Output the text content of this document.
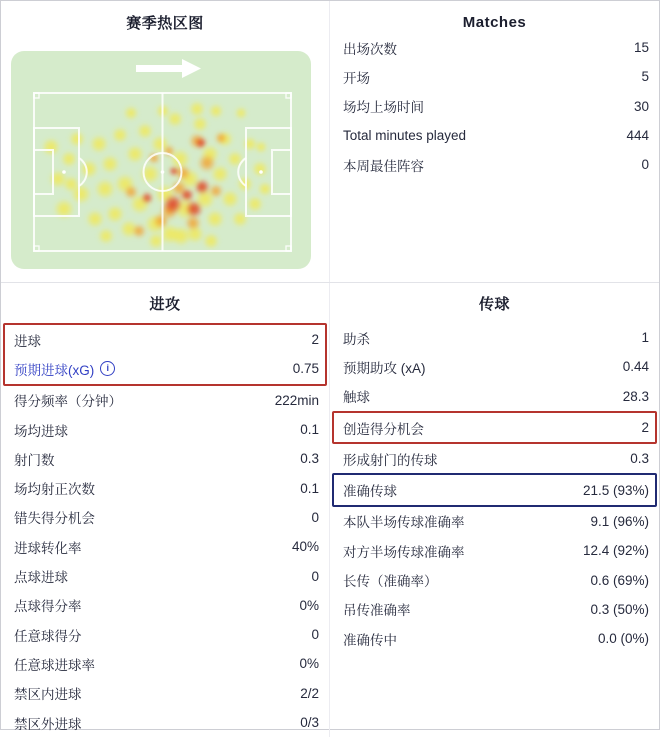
赛季热区图	Matches
出场次数	15
开场	5
场均上场时间	30
Total minutes played	444
本周最佳阵容	0
进攻
进球	2
预期进球(xG)	i	0.75
得分频率（分钟）	222min
场均进球	0.1
射门数	0.3
场均射正次数	0.1
错失得分机会	0
进球转化率	40%
点球进球	0
点球得分率	0%
任意球得分	0
任意球进球率	0%
禁区内进球	2/2
禁区外进球	0/3
传球
助杀	1
预期助攻 (xA)	0.44
触球	28.3
创造得分机会	2
形成射门的传球	0.3
准确传球	21.5 (93%)
本队半场传球准确率	9.1 (96%)
对方半场传球准确率	12.4 (92%)
长传（准确率）	0.6 (69%)
吊传准确率	0.3 (50%)
准确传中	0.0 (0%)
